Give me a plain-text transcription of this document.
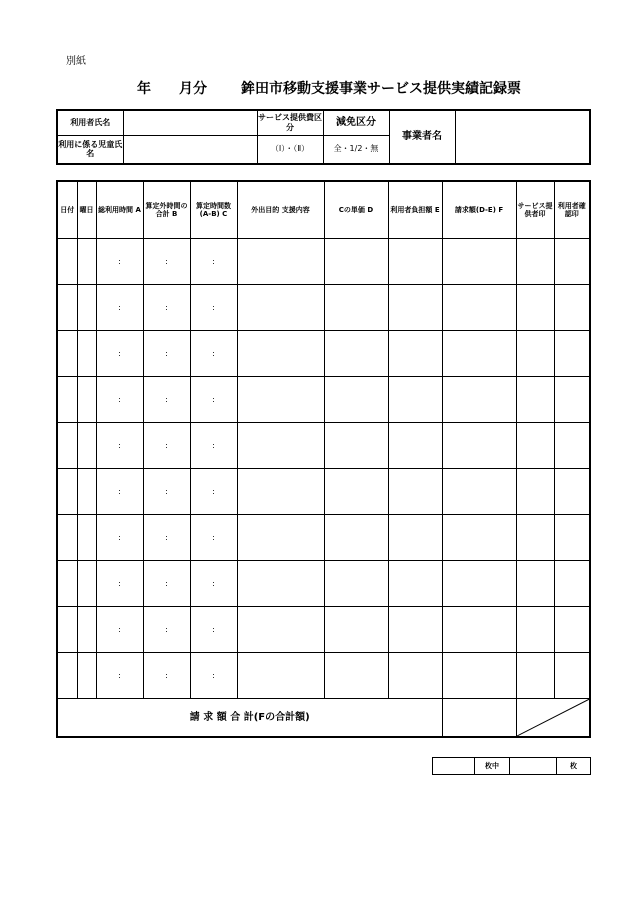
別紙
年 月分 鉾田市移動支援事業サービス提供実績記録票
利用者氏名		サービス提供費区分	減免区分	事業者名	
利用に係る児童氏名		（Ⅰ）・（Ⅱ）	全・1/2・無		
日付	曜日	総利用時間 A	算定外時間の合計 B	算定時間数 (A-B) C	外出目的 支援内容	Cの単価 D	利用者負担額 E	請求額(D-E) F	サービス提供者印	利用者確認印
		:	:	:						
		:	:	:						
		:	:	:						
		:	:	:						
		:	:	:						
		:	:	:						
		:	:	:						
		:	:	:						
		:	:	:						
		:	:	:						
請 求 額 合 計(Fの合計額)		
	枚中		枚
